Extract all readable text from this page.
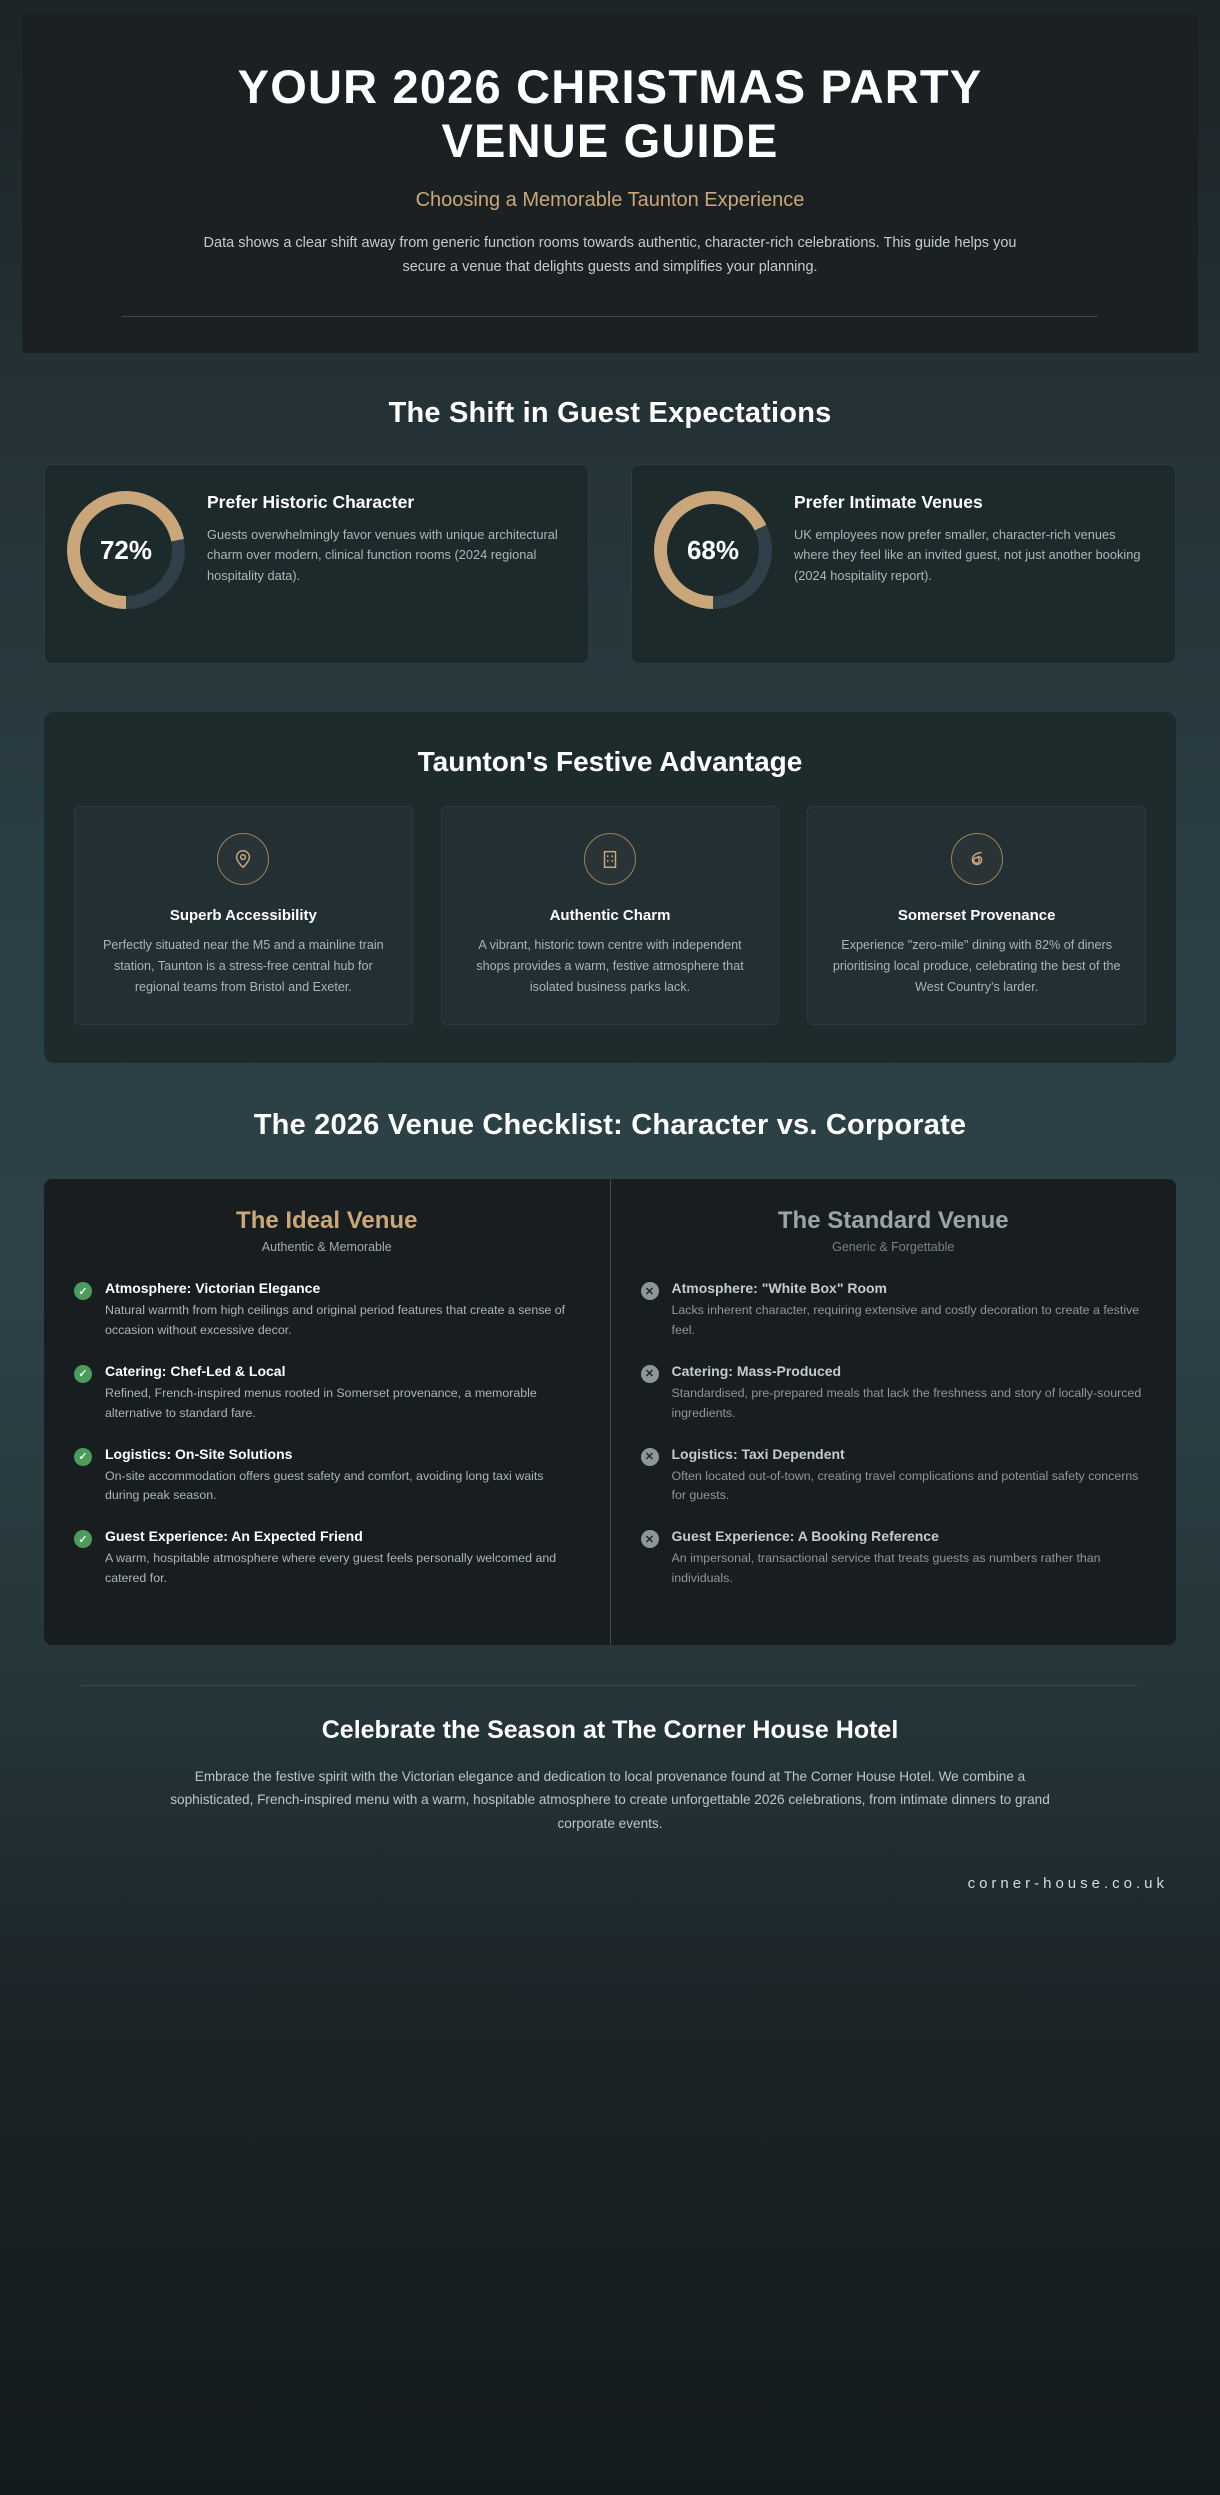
YOUR 2026 CHRISTMAS PARTY VENUE GUIDE
Choosing a Memorable Taunton Experience

Data shows a clear shift away from generic function rooms towards authentic, character-rich celebrations. This guide helps you secure a venue that delights guests and simplifies your planning.

The Shift in Guest Expectations
72%
Prefer Historic Character

Guests overwhelmingly favor venues with unique architectural charm over modern, clinical function rooms (2024 regional hospitality data).

68%
Prefer Intimate Venues

UK employees now prefer smaller, character-rich venues where they feel like an invited guest, not just another booking (2024 hospitality report).

Taunton's Festive Advantage
Superb Accessibility

Perfectly situated near the M5 and a mainline train station, Taunton is a stress-free central hub for regional teams from Bristol and Exeter.

Authentic Charm

A vibrant, historic town centre with independent shops provides a warm, festive atmosphere that isolated business parks lack.

Somerset Provenance

Experience "zero-mile" dining with 82% of diners prioritising local produce, celebrating the best of the West Country's larder.

The 2026 Venue Checklist: Character vs. Corporate
The Ideal Venue
Authentic & Memorable
✓	Atmosphere: Victorian Elegance

Natural warmth from high ceilings and original period features that create a sense of occasion without excessive decor.

✓	Catering: Chef-Led & Local

Refined, French-inspired menus rooted in Somerset provenance, a memorable alternative to standard fare.

✓	Logistics: On-Site Solutions

On-site accommodation offers guest safety and comfort, avoiding long taxi waits during peak season.

✓	Guest Experience: An Expected Friend

A warm, hospitable atmosphere where every guest feels personally welcomed and catered for.

The Standard Venue
Generic & Forgettable
✕	Atmosphere: "White Box" Room

Lacks inherent character, requiring extensive and costly decoration to create a festive feel.

✕	Catering: Mass-Produced

Standardised, pre-prepared meals that lack the freshness and story of locally-sourced ingredients.

✕	Logistics: Taxi Dependent

Often located out-of-town, creating travel complications and potential safety concerns for guests.

✕	Guest Experience: A Booking Reference

An impersonal, transactional service that treats guests as numbers rather than individuals.

Celebrate the Season at The Corner House Hotel

Embrace the festive spirit with the Victorian elegance and dedication to local provenance found at The Corner House Hotel. We combine a sophisticated, French-inspired menu with a warm, hospitable atmosphere to create unforgettable 2026 celebrations, from intimate dinners to grand corporate events.

corner-house.co.uk
